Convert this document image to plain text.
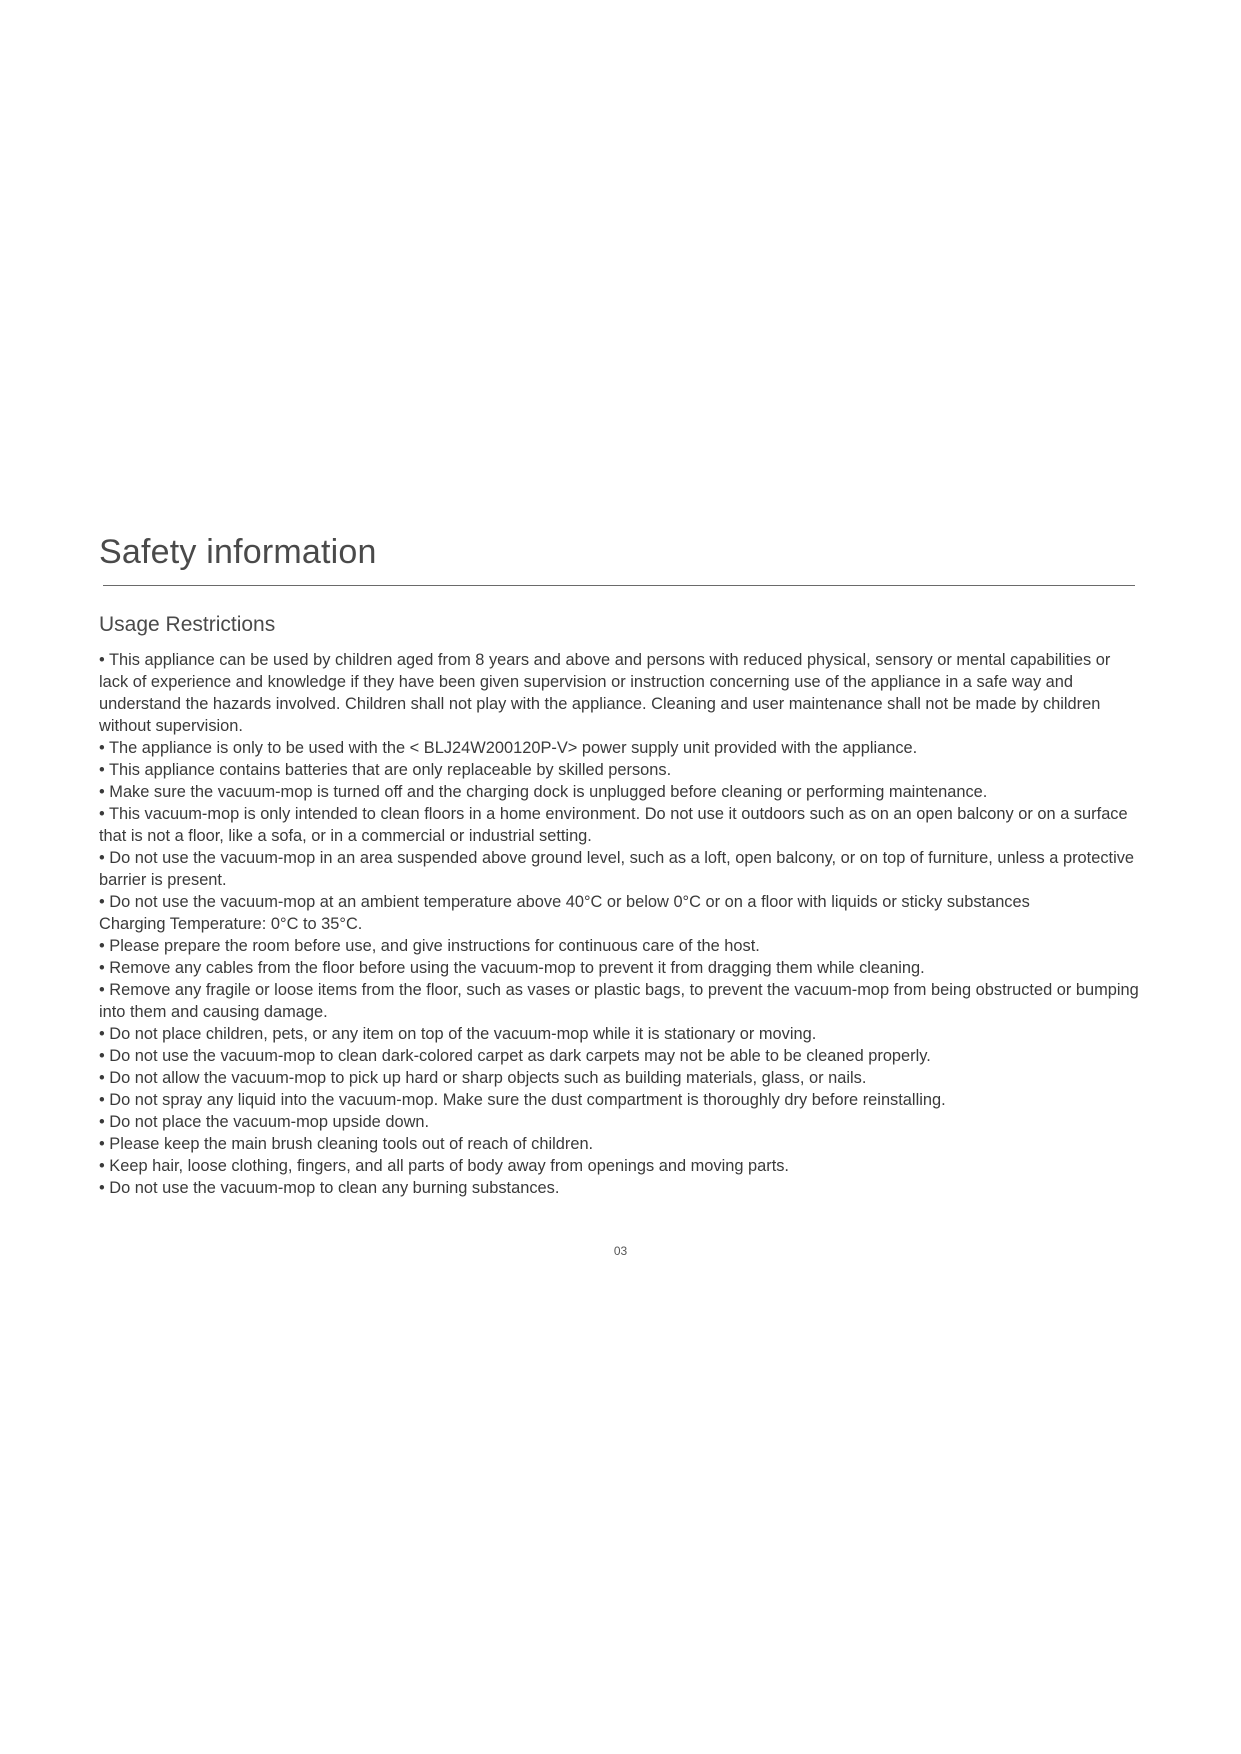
Safety information
Usage Restrictions

• This appliance can be used by children aged from 8 years and above and persons with reduced physical, sensory or mental capabilities or lack of experience and knowledge if they have been given supervision or instruction concerning use of the appliance in a safe way and understand the hazards involved. Children shall not play with the appliance. Cleaning and user maintenance shall not be made by children without supervision.

• The appliance is only to be used with the < BLJ24W200120P-V> power supply unit provided with the appliance.

• This appliance contains batteries that are only replaceable by skilled persons.

• Make sure the vacuum-mop is turned off and the charging dock is unplugged before cleaning or performing maintenance.

• This vacuum-mop is only intended to clean floors in a home environment. Do not use it outdoors such as on an open balcony or on a surface that is not a floor, like a sofa, or in a commercial or industrial setting.

• Do not use the vacuum-mop in an area suspended above ground level, such as a loft, open balcony, or on top of furniture, unless a protective barrier is present.

• Do not use the vacuum-mop at an ambient temperature above 40°C or below 0°C or on a floor with liquids or sticky substances

Charging Temperature: 0°C to 35°C.

• Please prepare the room before use, and give instructions for continuous care of the host.

• Remove any cables from the floor before using the vacuum-mop to prevent it from dragging them while cleaning.

• Remove any fragile or loose items from the floor, such as vases or plastic bags, to prevent the vacuum-mop from being obstructed or bumping into them and causing damage.

• Do not place children, pets, or any item on top of the vacuum-mop while it is stationary or moving.

• Do not use the vacuum-mop to clean dark-colored carpet as dark carpets may not be able to be cleaned properly.

• Do not allow the vacuum-mop to pick up hard or sharp objects such as building materials, glass, or nails.

• Do not spray any liquid into the vacuum-mop. Make sure the dust compartment is thoroughly dry before reinstalling.

• Do not place the vacuum-mop upside down.

• Please keep the main brush cleaning tools out of reach of children.

• Keep hair, loose clothing, fingers, and all parts of body away from openings and moving parts.

• Do not use the vacuum-mop to clean any burning substances.

03
